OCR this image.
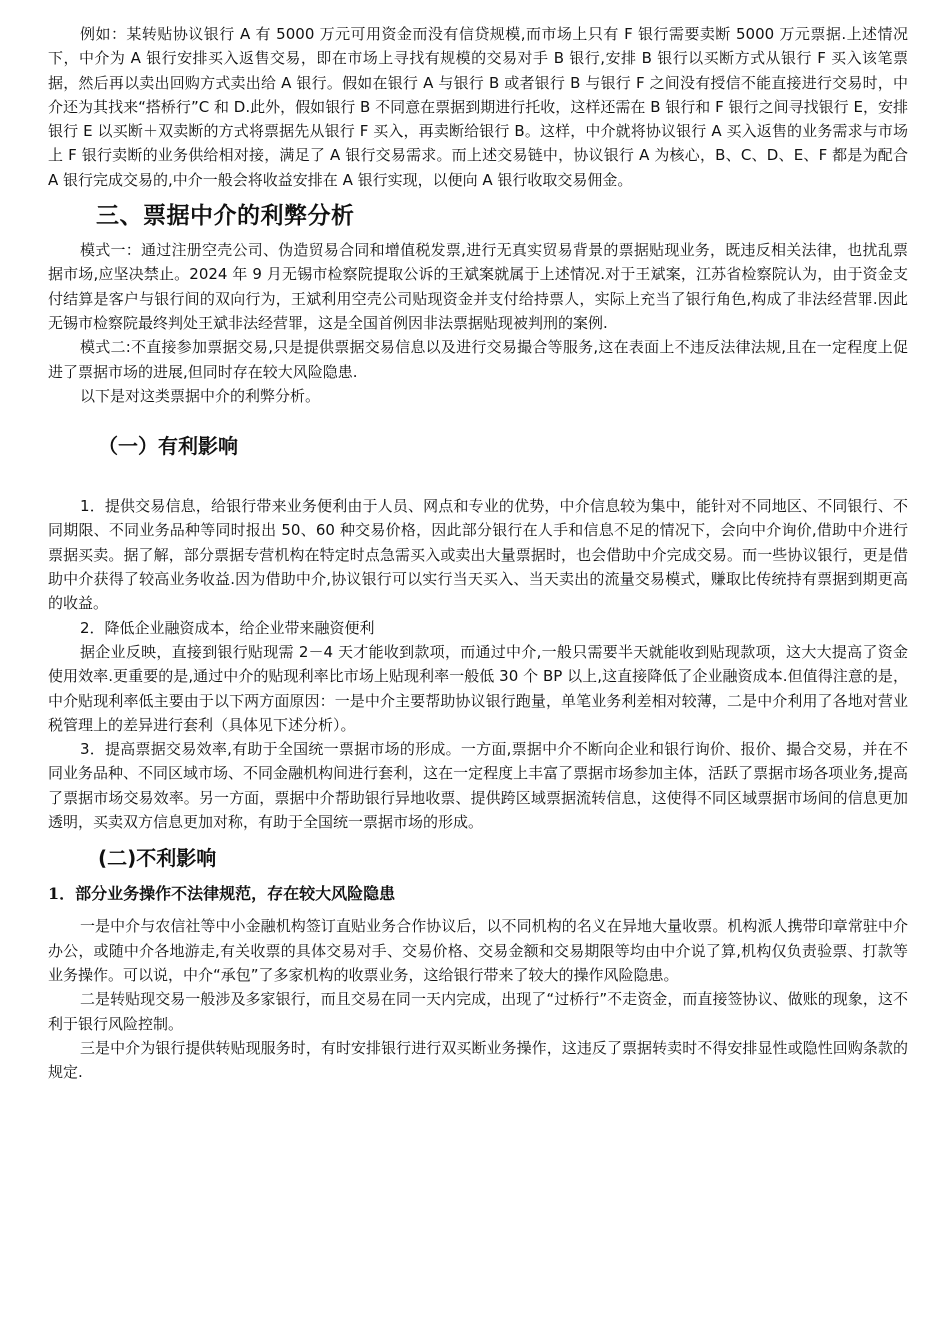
例如：某转贴协议银行 A 有 5000 万元可用资金而没有信贷规模,而市场上只有 F 银行需要卖断 5000 万元票据.上述情况下，中介为 A 银行安排买入返售交易，即在市场上寻找有规模的交易对手 B 银行,安排 B 银行以买断方式从银行 F 买入该笔票据，然后再以卖出回购方式卖出给 A 银行。假如在银行 A 与银行 B 或者银行 B 与银行 F 之间没有授信不能直接进行交易时，中介还为其找来“搭桥行”C 和 D.此外，假如银行 B 不同意在票据到期进行托收，这样还需在 B 银行和 F 银行之间寻找银行 E，安排银行 E 以买断＋双卖断的方式将票据先从银行 F 买入，再卖断给银行 B。这样，中介就将协议银行 A 买入返售的业务需求与市场上 F 银行卖断的业务供给相对接，满足了 A 银行交易需求。而上述交易链中，协议银行 A 为核心，B、C、D、E、F 都是为配合 A 银行完成交易的,中介一般会将收益安排在 A 银行实现，以便向 A 银行收取交易佣金。

三、票据中介的利弊分析

模式一：通过注册空壳公司、伪造贸易合同和增值税发票,进行无真实贸易背景的票据贴现业务，既违反相关法律，也扰乱票据市场,应坚决禁止。2024 年 9 月无锡市检察院提取公诉的王斌案就属于上述情况.对于王斌案，江苏省检察院认为，由于资金支付结算是客户与银行间的双向行为，王斌利用空壳公司贴现资金并支付给持票人，实际上充当了银行角色,构成了非法经营罪.因此无锡市检察院最终判处王斌非法经营罪，这是全国首例因非法票据贴现被判刑的案例.

模式二:不直接参加票据交易,只是提供票据交易信息以及进行交易撮合等服务,这在表面上不违反法律法规,且在一定程度上促进了票据市场的进展,但同时存在较大风险隐患.

以下是对这类票据中介的利弊分析。

（一）有利影响

1．提供交易信息，给银行带来业务便利由于人员、网点和专业的优势，中介信息较为集中，能针对不同地区、不同银行、不同期限、不同业务品种等同时报出 50、60 种交易价格，因此部分银行在人手和信息不足的情况下，会向中介询价,借助中介进行票据买卖。据了解，部分票据专营机构在特定时点急需买入或卖出大量票据时，也会借助中介完成交易。而一些协议银行，更是借助中介获得了较高业务收益.因为借助中介,协议银行可以实行当天买入、当天卖出的流量交易模式，赚取比传统持有票据到期更高的收益。

2．降低企业融资成本，给企业带来融资便利

据企业反映，直接到银行贴现需 2－4 天才能收到款项，而通过中介,一般只需要半天就能收到贴现款项，这大大提高了资金使用效率.更重要的是,通过中介的贴现利率比市场上贴现利率一般低 30 个 BP 以上,这直接降低了企业融资成本.但值得注意的是，中介贴现利率低主要由于以下两方面原因：一是中介主要帮助协议银行跑量，单笔业务利差相对较薄，二是中介利用了各地对营业税管理上的差异进行套利（具体见下述分析）。

3．提高票据交易效率,有助于全国统一票据市场的形成。一方面,票据中介不断向企业和银行询价、报价、撮合交易，并在不同业务品种、不同区域市场、不同金融机构间进行套利，这在一定程度上丰富了票据市场参加主体，活跃了票据市场各项业务,提高了票据市场交易效率。另一方面，票据中介帮助银行异地收票、提供跨区域票据流转信息，这使得不同区域票据市场间的信息更加透明，买卖双方信息更加对称，有助于全国统一票据市场的形成。

(二)不利影响
1．部分业务操作不法律规范，存在较大风险隐患

一是中介与农信社等中小金融机构签订直贴业务合作协议后，以不同机构的名义在异地大量收票。机构派人携带印章常驻中介办公，或随中介各地游走,有关收票的具体交易对手、交易价格、交易金额和交易期限等均由中介说了算,机构仅负责验票、打款等业务操作。可以说，中介“承包”了多家机构的收票业务，这给银行带来了较大的操作风险隐患。

二是转贴现交易一般涉及多家银行，而且交易在同一天内完成，出现了“过桥行”不走资金，而直接签协议、做账的现象，这不利于银行风险控制。

三是中介为银行提供转贴现服务时，有时安排银行进行双买断业务操作，这违反了票据转卖时不得安排显性或隐性回购条款的规定.
